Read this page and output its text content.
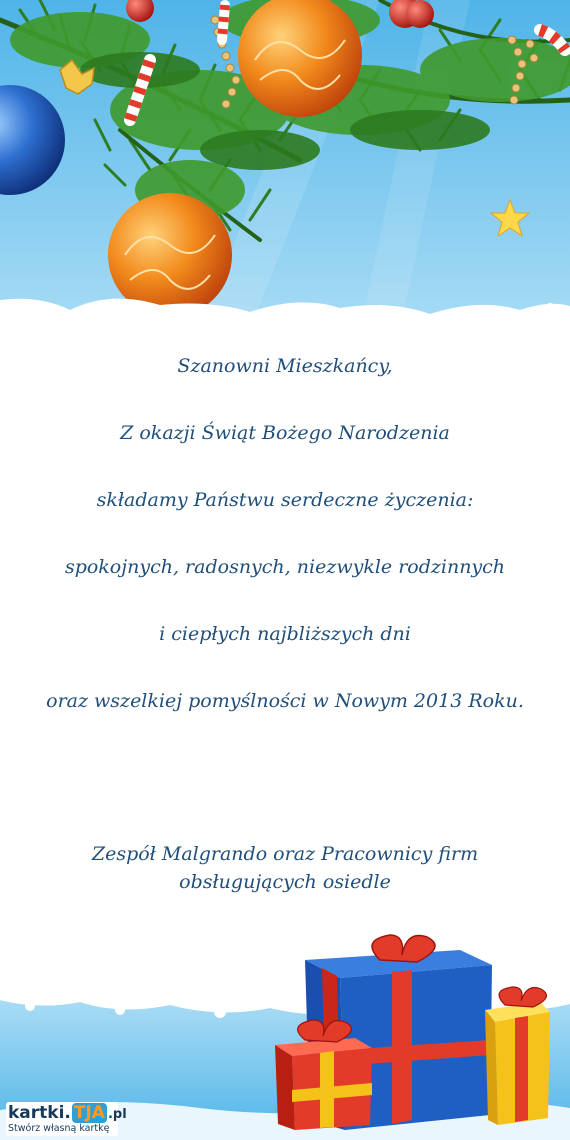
Szanowni Mieszkańcy,
Z okazji Świąt Bożego Narodzenia
składamy Państwu serdeczne życzenia:
spokojnych, radosnych, niezwykle rodzinnych
i ciepłych najbliższych dni
oraz wszelkiej pomyślności w Nowym 2013 Roku.
Zespół Malgrando oraz Pracownicy firm
obsługujących osiedle
kartki. TJA .pl
Stwórz własną kartkę
